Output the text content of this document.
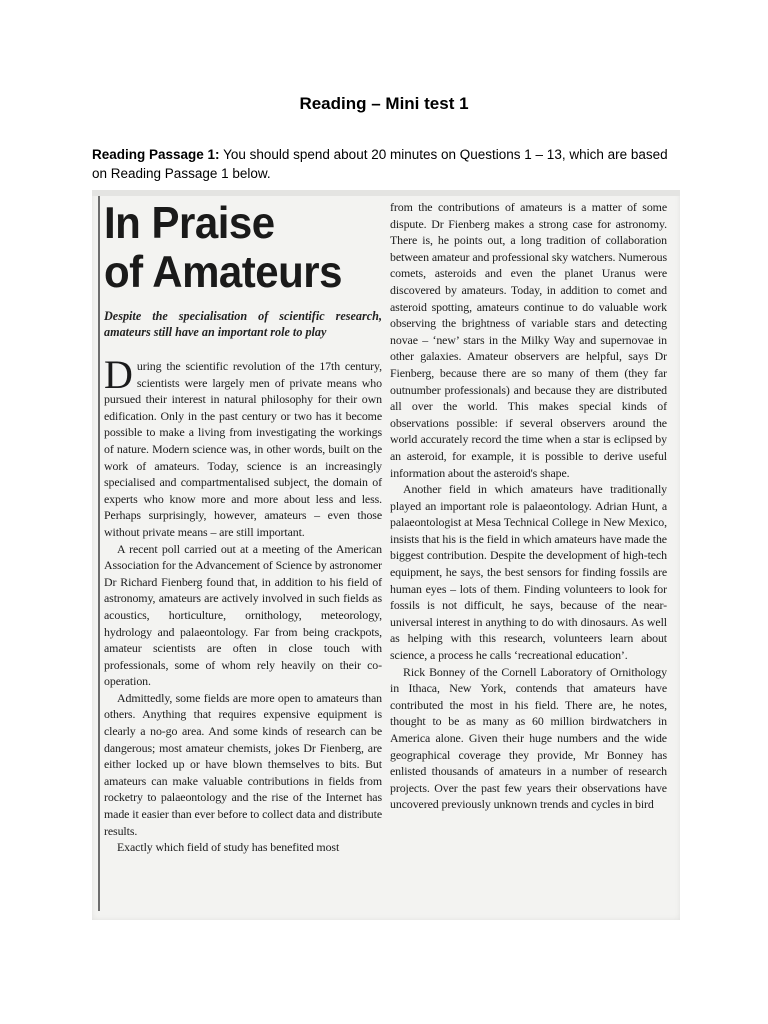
Reading – Mini test 1
Reading Passage 1: You should spend about 20 minutes on Questions 1 – 13, which are based on Reading Passage 1 below.
In Praise
of Amateurs
Despite the specialisation of scientific research, amateurs still have an important role to play
D uring the scientific revolution of the 17th century, scientists were largely men of private means who pursued their interest in natural philosophy for their own edification. Only in the past century or two has it become possible to make a living from investigating the workings of nature. Modern science was, in other words, built on the work of amateurs. Today, science is an increasingly specialised and compartmentalised subject, the domain of experts who know more and more about less and less. Perhaps surprisingly, however, amateurs – even those without private means – are still important.

A recent poll carried out at a meeting of the American Association for the Advancement of Science by astronomer Dr Richard Fienberg found that, in addition to his field of astronomy, amateurs are actively involved in such fields as acoustics, horticulture, ornithology, meteorology, hydrology and palaeontology. Far from being crackpots, amateur scientists are often in close touch with professionals, some of whom rely heavily on their co-operation.

Admittedly, some fields are more open to amateurs than others. Anything that requires expensive equipment is clearly a no-go area. And some kinds of research can be dangerous; most amateur chemists, jokes Dr Fienberg, are either locked up or have blown themselves to bits. But amateurs can make valuable contributions in fields from rocketry to palaeontology and the rise of the Internet has made it easier than ever before to collect data and distribute results.

Exactly which field of study has benefited most

from the contributions of amateurs is a matter of some dispute. Dr Fienberg makes a strong case for astronomy. There is, he points out, a long tradition of collaboration between amateur and professional sky watchers. Numerous comets, asteroids and even the planet Uranus were discovered by amateurs. Today, in addition to comet and asteroid spotting, amateurs continue to do valuable work observing the brightness of variable stars and detecting novae – ‘new’ stars in the Milky Way and supernovae in other galaxies. Amateur observers are helpful, says Dr Fienberg, because there are so many of them (they far outnumber professionals) and because they are distributed all over the world. This makes special kinds of observations possible: if several observers around the world accurately record the time when a star is eclipsed by an asteroid, for example, it is possible to derive useful information about the asteroid's shape.

Another field in which amateurs have traditionally played an important role is palaeontology. Adrian Hunt, a palaeontologist at Mesa Technical College in New Mexico, insists that his is the field in which amateurs have made the biggest contribution. Despite the development of high-tech equipment, he says, the best sensors for finding fossils are human eyes – lots of them. Finding volunteers to look for fossils is not difficult, he says, because of the near-universal interest in anything to do with dinosaurs. As well as helping with this research, volunteers learn about science, a process he calls ‘recreational education’.

Rick Bonney of the Cornell Laboratory of Ornithology in Ithaca, New York, contends that amateurs have contributed the most in his field. There are, he notes, thought to be as many as 60 million birdwatchers in America alone. Given their huge numbers and the wide geographical coverage they provide, Mr Bonney has enlisted thousands of amateurs in a number of research projects. Over the past few years their observations have uncovered previously unknown trends and cycles in bird
